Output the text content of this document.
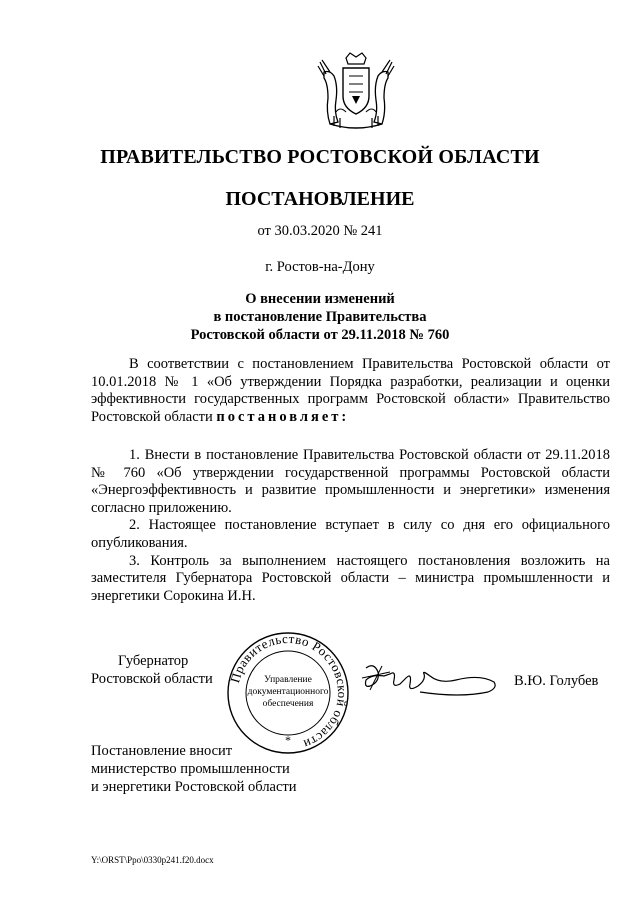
ПРАВИТЕЛЬСТВО РОСТОВСКОЙ ОБЛАСТИ
ПОСТАНОВЛЕНИЕ
от 30.03.2020 № 241
г. Ростов-на-Дону
О внесении изменений
в постановление Правительства
Ростовской области от 29.11.2018 № 760

В соответствии с постановлением Правительства Ростовской области от 10.01.2018 № 1 «Об утверждении Порядка разработки, реализации и оценки эффективности государственных программ Ростовской области» Правительство Ростовской области постановляет:

1. Внести в постановление Правительства Ростовской области от 29.11.2018 № 760 «Об утверждении государственной программы Ростовской области «Энергоэффективность и развитие промышленности и энергетики» изменения согласно приложению.

2. Настоящее постановление вступает в силу со дня его официального опубликования.

3. Контроль за выполнением настоящего постановления возложить на заместителя Губернатора Ростовской области – министра промышленности и энергетики Сорокина И.Н.

Губернатор
Ростовской области Правительство Ростовской области
Управление
документационного
обеспечения
*
В.Ю. Голубев
Постановление вносит
министерство промышленности
и энергетики Ростовской области
Y:\ORST\Ppo\0330p241.f20.docx
